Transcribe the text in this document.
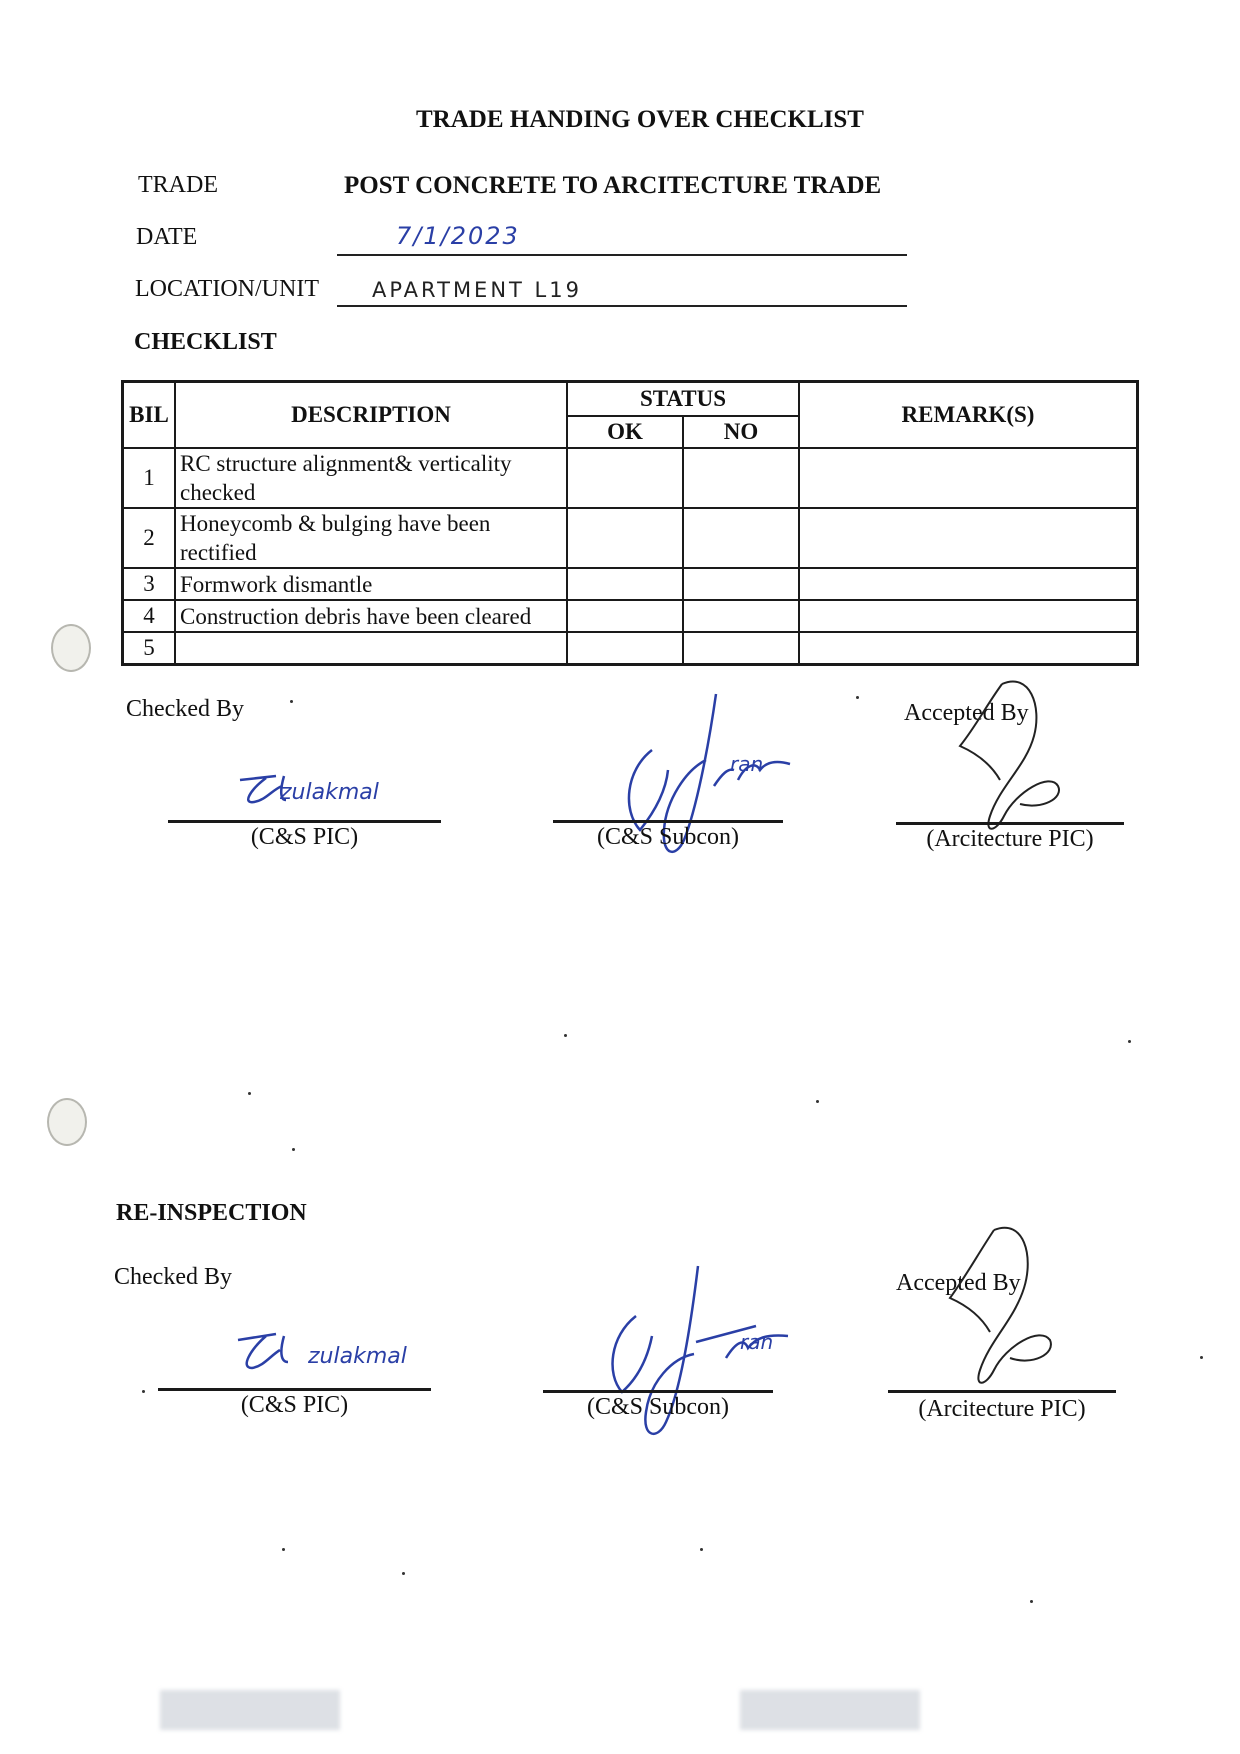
TRADE HANDING OVER CHECKLIST
TRADE	POST CONCRETE TO ARCITECTURE TRADE
DATE	7/1/2023
LOCATION/UNIT	APARTMENT L19
CHECKLIST
BIL	DESCRIPTION	STATUS		REMARK(S)
		OK	NO	
1	RC structure alignment& verticality
checked			

2	Honeycomb & bulging have been
rectified			

3	Formwork dismantle			
4	Construction debris have been cleared			
5				
Checked By	Accepted By
zulakmal
(C&S PIC)
ran
(C&S Subcon)	(Arcitecture PIC)
RE-INSPECTION
Checked By	Accepted By
zulakmal
(C&S PIC)
ran
(C&S Subcon)	(Arcitecture PIC)
